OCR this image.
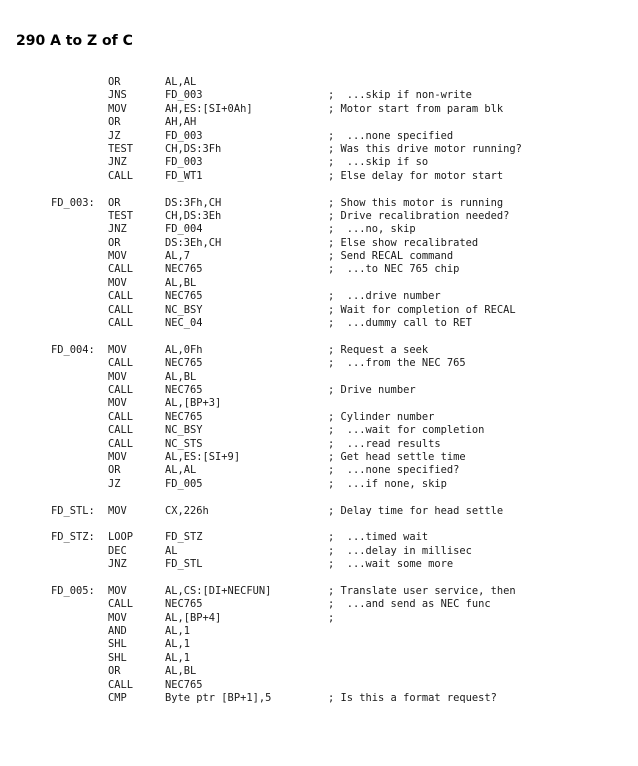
290 A to Z of C
OR	AL,AL
JNS	FD_003	;  ...skip if non-write
MOV	AH,ES:[SI+0Ah]	; Motor start from param blk
OR	AH,AH
JZ	FD_003	;  ...none specified
TEST	CH,DS:3Fh	; Was this drive motor running?
JNZ	FD_003	;  ...skip if so
CALL	FD_WT1	; Else delay for motor start
FD_003: OR	DS:3Fh,CH	; Show this motor is running
TEST	CH,DS:3Eh	; Drive recalibration needed?
JNZ	FD_004	;  ...no, skip
OR	DS:3Eh,CH	; Else show recalibrated
MOV	AL,7	; Send RECAL command
CALL	NEC765	;  ...to NEC 765 chip
MOV	AL,BL
CALL	NEC765	;  ...drive number
CALL	NC_BSY	; Wait for completion of RECAL
CALL	NEC_04	;  ...dummy call to RET
FD_004: MOV	AL,0Fh	; Request a seek
CALL	NEC765	;  ...from the NEC 765
MOV	AL,BL
CALL	NEC765	; Drive number
MOV	AL,[BP+3]
CALL	NEC765	; Cylinder number
CALL	NC_BSY	;  ...wait for completion
CALL	NC_STS	;  ...read results
MOV	AL,ES:[SI+9]	; Get head settle time
OR	AL,AL	;  ...none specified?
JZ	FD_005	;  ...if none, skip
FD_STL: MOV	CX,226h	; Delay time for head settle
FD_STZ: LOOP	FD_STZ	;  ...timed wait
DEC	AL	;  ...delay in millisec
JNZ	FD_STL	;  ...wait some more
FD_005: MOV	AL,CS:[DI+NECFUN]	; Translate user service, then
CALL	NEC765	;  ...and send as NEC func
MOV	AL,[BP+4]	;
AND	AL,1
SHL	AL,1
SHL	AL,1
OR	AL,BL
CALL	NEC765
CMP	Byte ptr [BP+1],5	; Is this a format request?
